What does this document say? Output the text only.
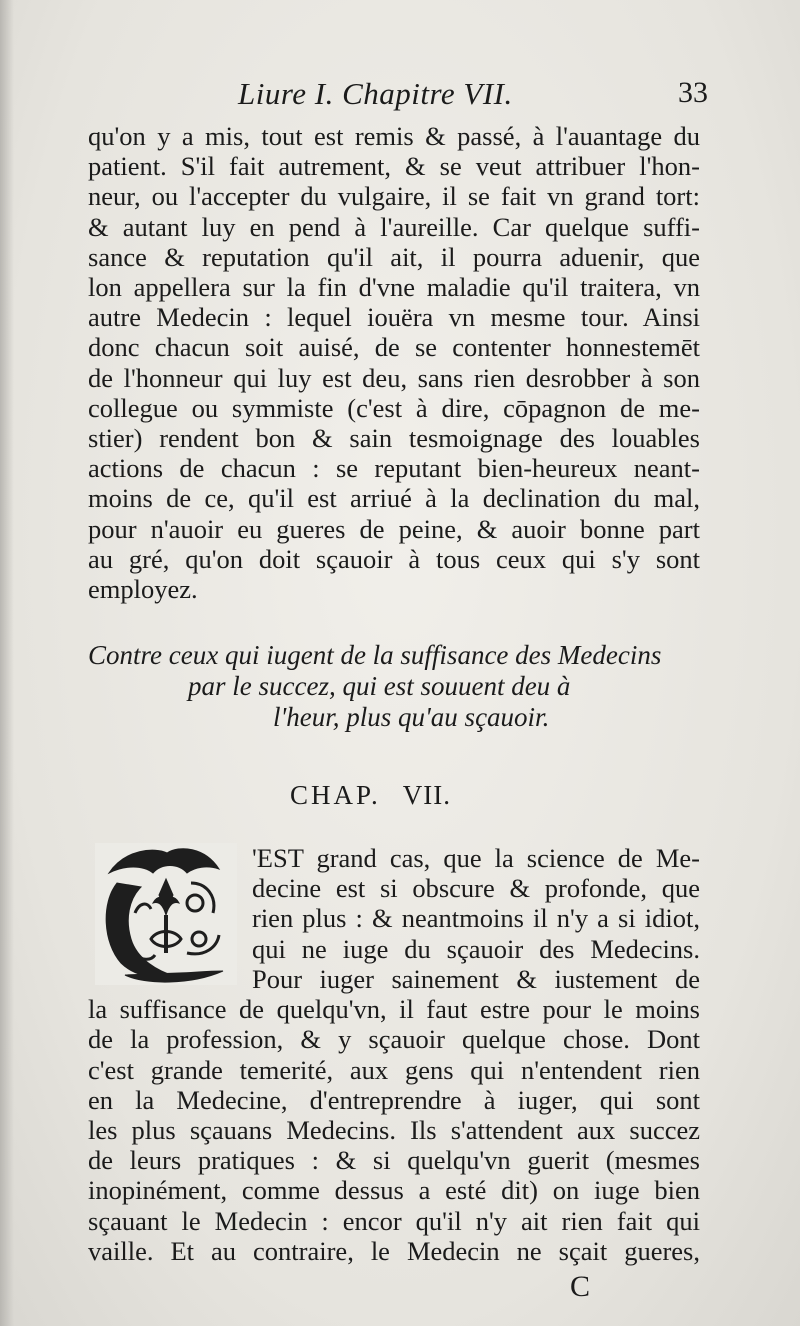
Liure I. Chapitre VII.	33
qu'on y a mis, tout est remis & passé, à l'auantage du
patient. S'il fait autrement, & se veut attribuer l'hon-
neur, ou l'accepter du vulgaire, il se fait vn grand tort:
& autant luy en pend à l'aureille. Car quelque suffi-
sance & reputation qu'il ait, il pourra aduenir, que
lon appellera sur la fin d'vne maladie qu'il traitera, vn
autre Medecin : lequel iouëra vn mesme tour. Ainsi
donc chacun soit auisé, de se contenter honnestemēt
de l'honneur qui luy est deu, sans rien desrobber à son
collegue ou symmiste (c'est à dire, cōpagnon de me-
stier) rendent bon & sain tesmoignage des louables
actions de chacun : se reputant bien-heureux neant-
moins de ce, qu'il est arriué à la declination du mal,
pour n'auoir eu gueres de peine, & auoir bonne part
au gré, qu'on doit sçauoir à tous ceux qui s'y sont
employez.
Contre ceux qui iugent de la suffisance des Medecins
par le succez, qui est souuent deu à
l'heur, plus qu'au sçauoir.
CHAP. VII.
'EST grand cas, que la science de Me-
decine est si obscure & profonde, que
rien plus : & neantmoins il n'y a si idiot,
qui ne iuge du sçauoir des Medecins.
Pour iuger sainement & iustement de
la suffisance de quelqu'vn, il faut estre pour le moins
de la profession, & y sçauoir quelque chose. Dont
c'est grande temerité, aux gens qui n'entendent rien
en la Medecine, d'entreprendre à iuger, qui sont
les plus sçauans Medecins. Ils s'attendent aux succez
de leurs pratiques : & si quelqu'vn guerit (mesmes
inopinément, comme dessus a esté dit) on iuge bien
sçauant le Medecin : encor qu'il n'y ait rien fait qui
vaille. Et au contraire, le Medecin ne sçait gueres,
C
